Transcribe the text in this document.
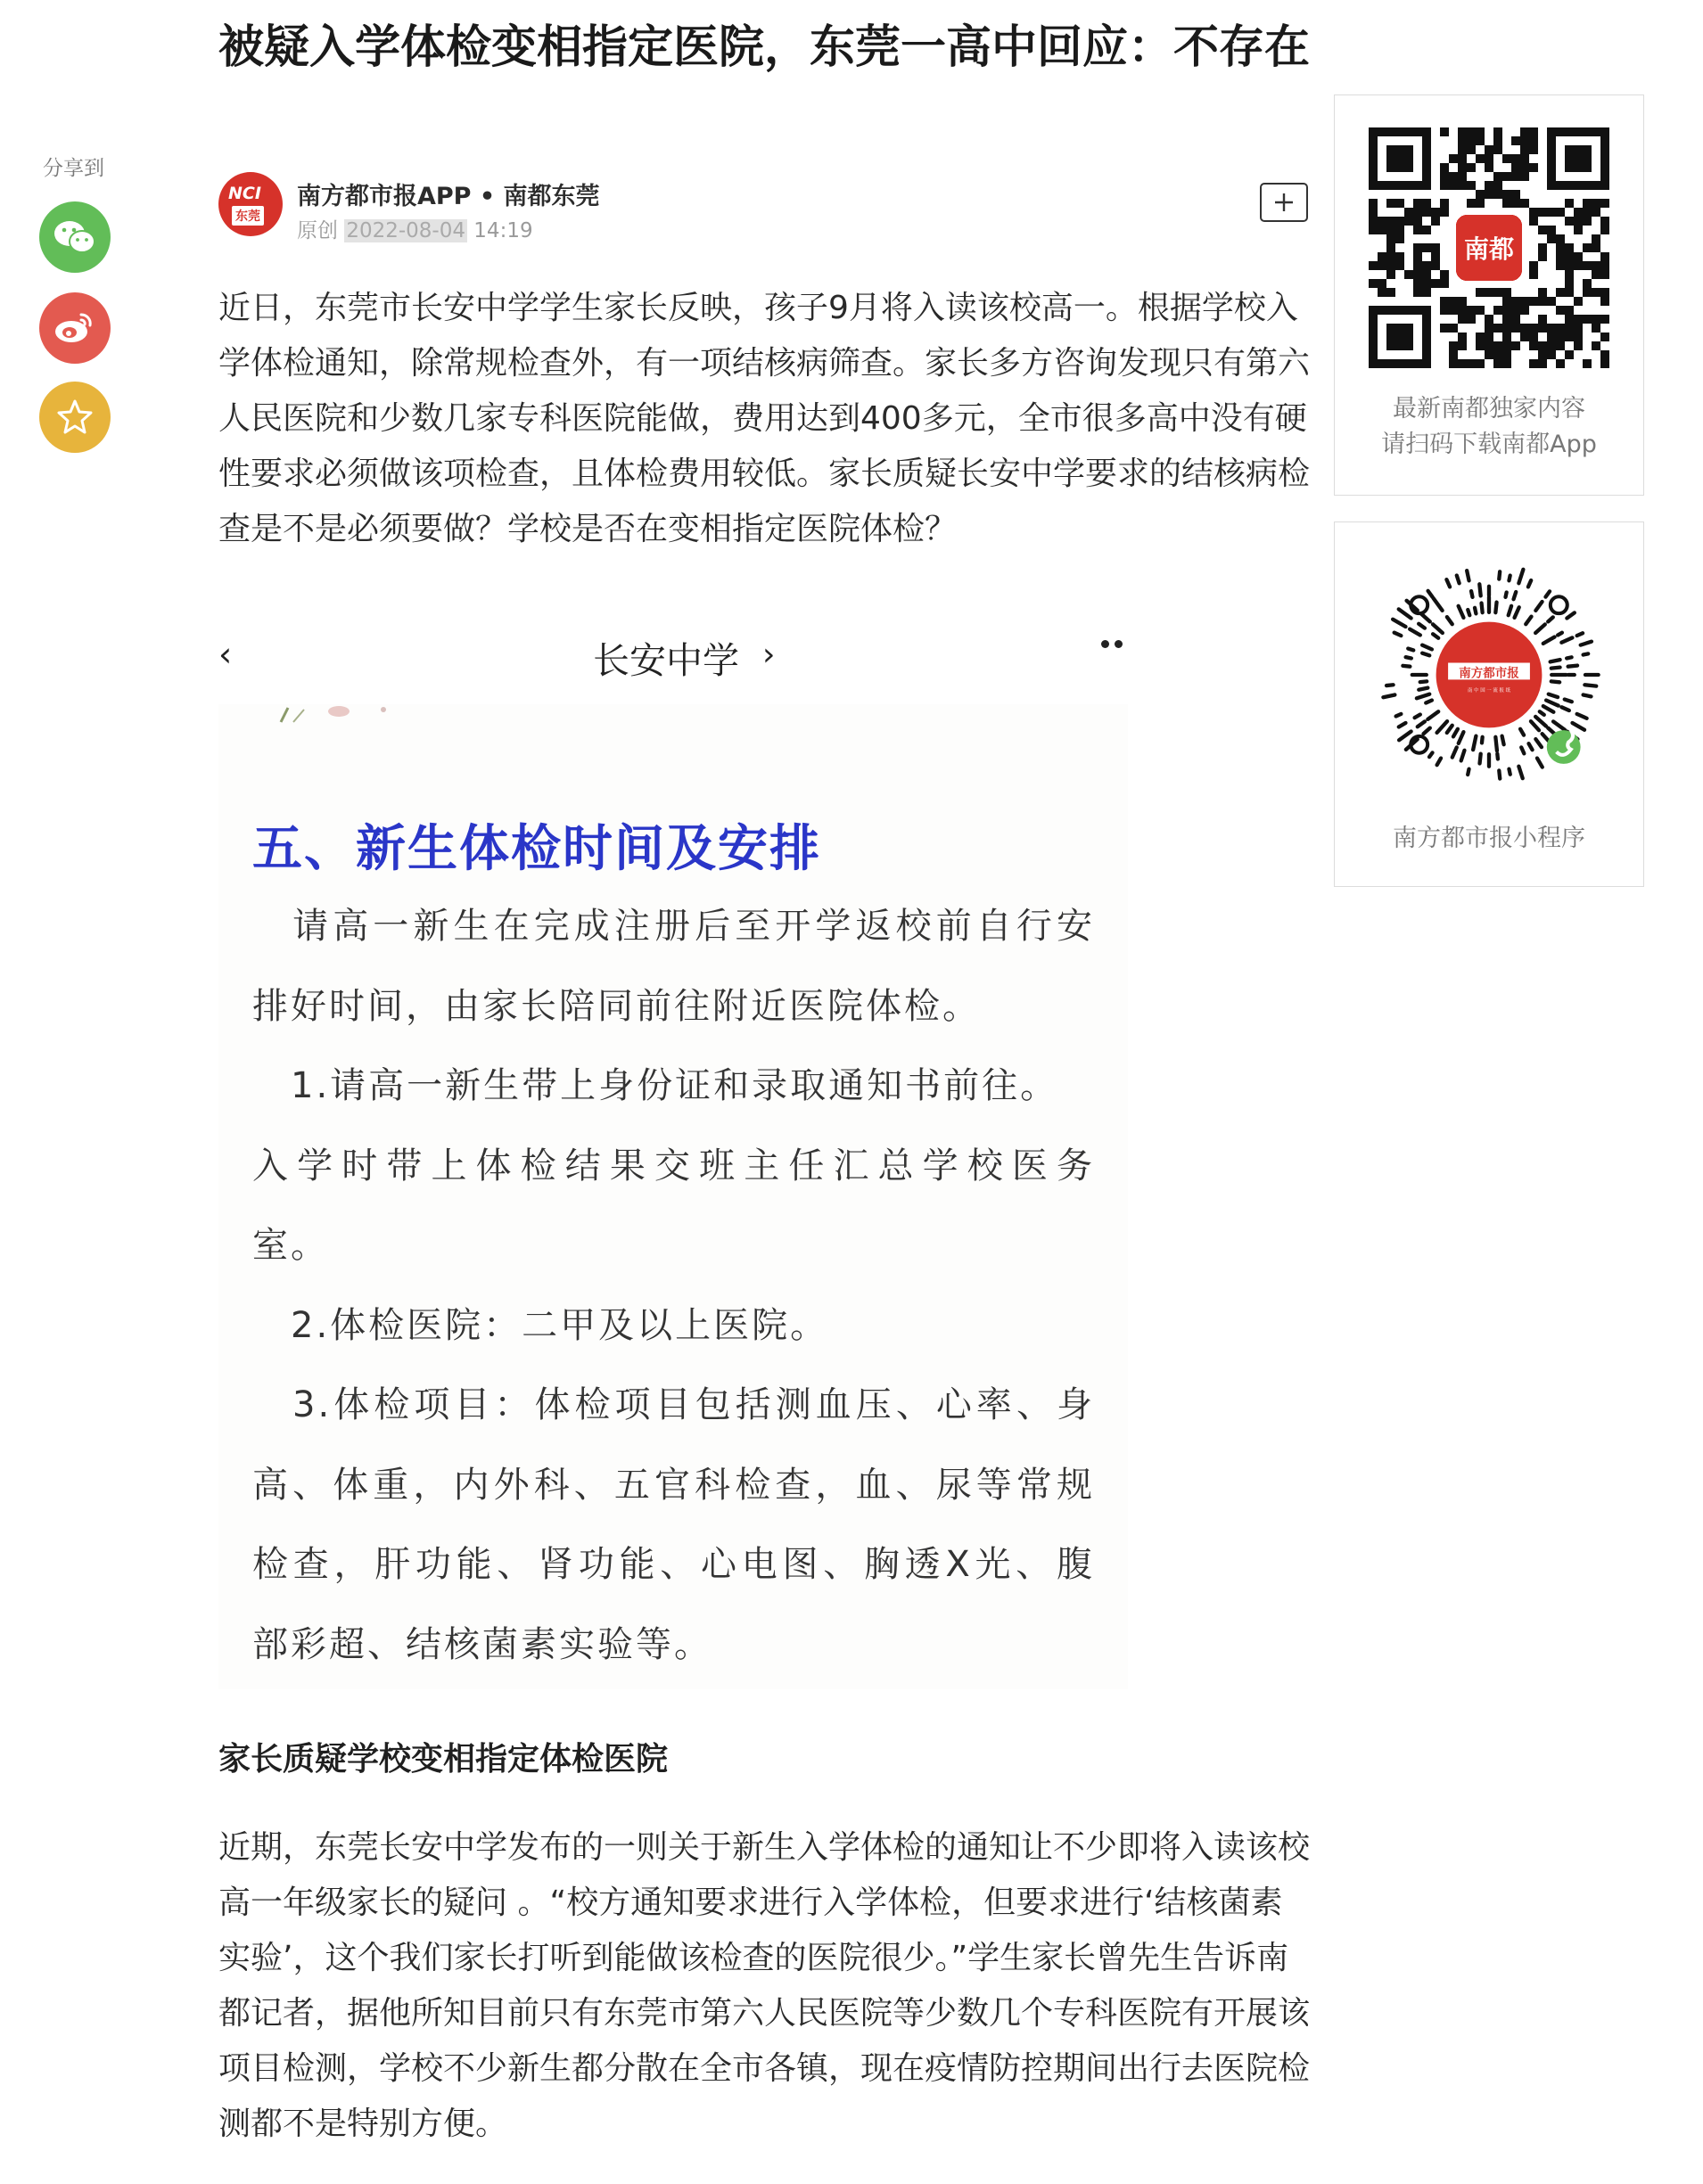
分享到
被疑入学体检变相指定医院，东莞一高中回应：不存在
NCI
东莞
南方都市报APP • 南都东莞
原创 2022-08-04 14:19

近日，东莞市长安中学学生家长反映，孩子9月将入读该校高一。根据学校入学体检通知，除常规检查外，有一项结核病筛查。家长多方咨询发现只有第六人民医院和少数几家专科医院能做，费用达到400多元，全市很多高中没有硬性要求必须做该项检查，且体检费用较低。家长质疑长安中学要求的结核病检查是不是必须要做？学校是否在变相指定医院体检？

‹	长安中学 ›
五、新生体检时间及安排
　请高一新生在完成注册后至开学返校前自行安
排好时间，由家长陪同前往附近医院体检。
　1.请高一新生带上身份证和录取通知书前往。
入学时带上体检结果交班主任汇总学校医务
室。
　2.体检医院：二甲及以上医院。
　3.体检项目：体检项目包括测血压、心率、身
高、体重，内外科、五官科检查，血、尿等常规
检查，肝功能、肾功能、心电图、胸透X光、腹
部彩超、结核菌素实验等。
家长质疑学校变相指定体检医院

近期，东莞长安中学发布的一则关于新生入学体检的通知让不少即将入读该校高一年级家长的疑问 。“校方通知要求进行入学体检，但要求进行‘结核菌素实验’，这个我们家长打听到能做该检查的医院很少。”学生家长曾先生告诉南都记者，据他所知目前只有东莞市第六人民医院等少数几个专科医院有开展该项目检测，学校不少新生都分散在全市各镇，现在疫情防控期间出行去医院检测都不是特别方便。

南都
最新南都独家内容
请扫码下载南都App
南方都市报
南 中 国 一 流 报 纸
南方都市报小程序
